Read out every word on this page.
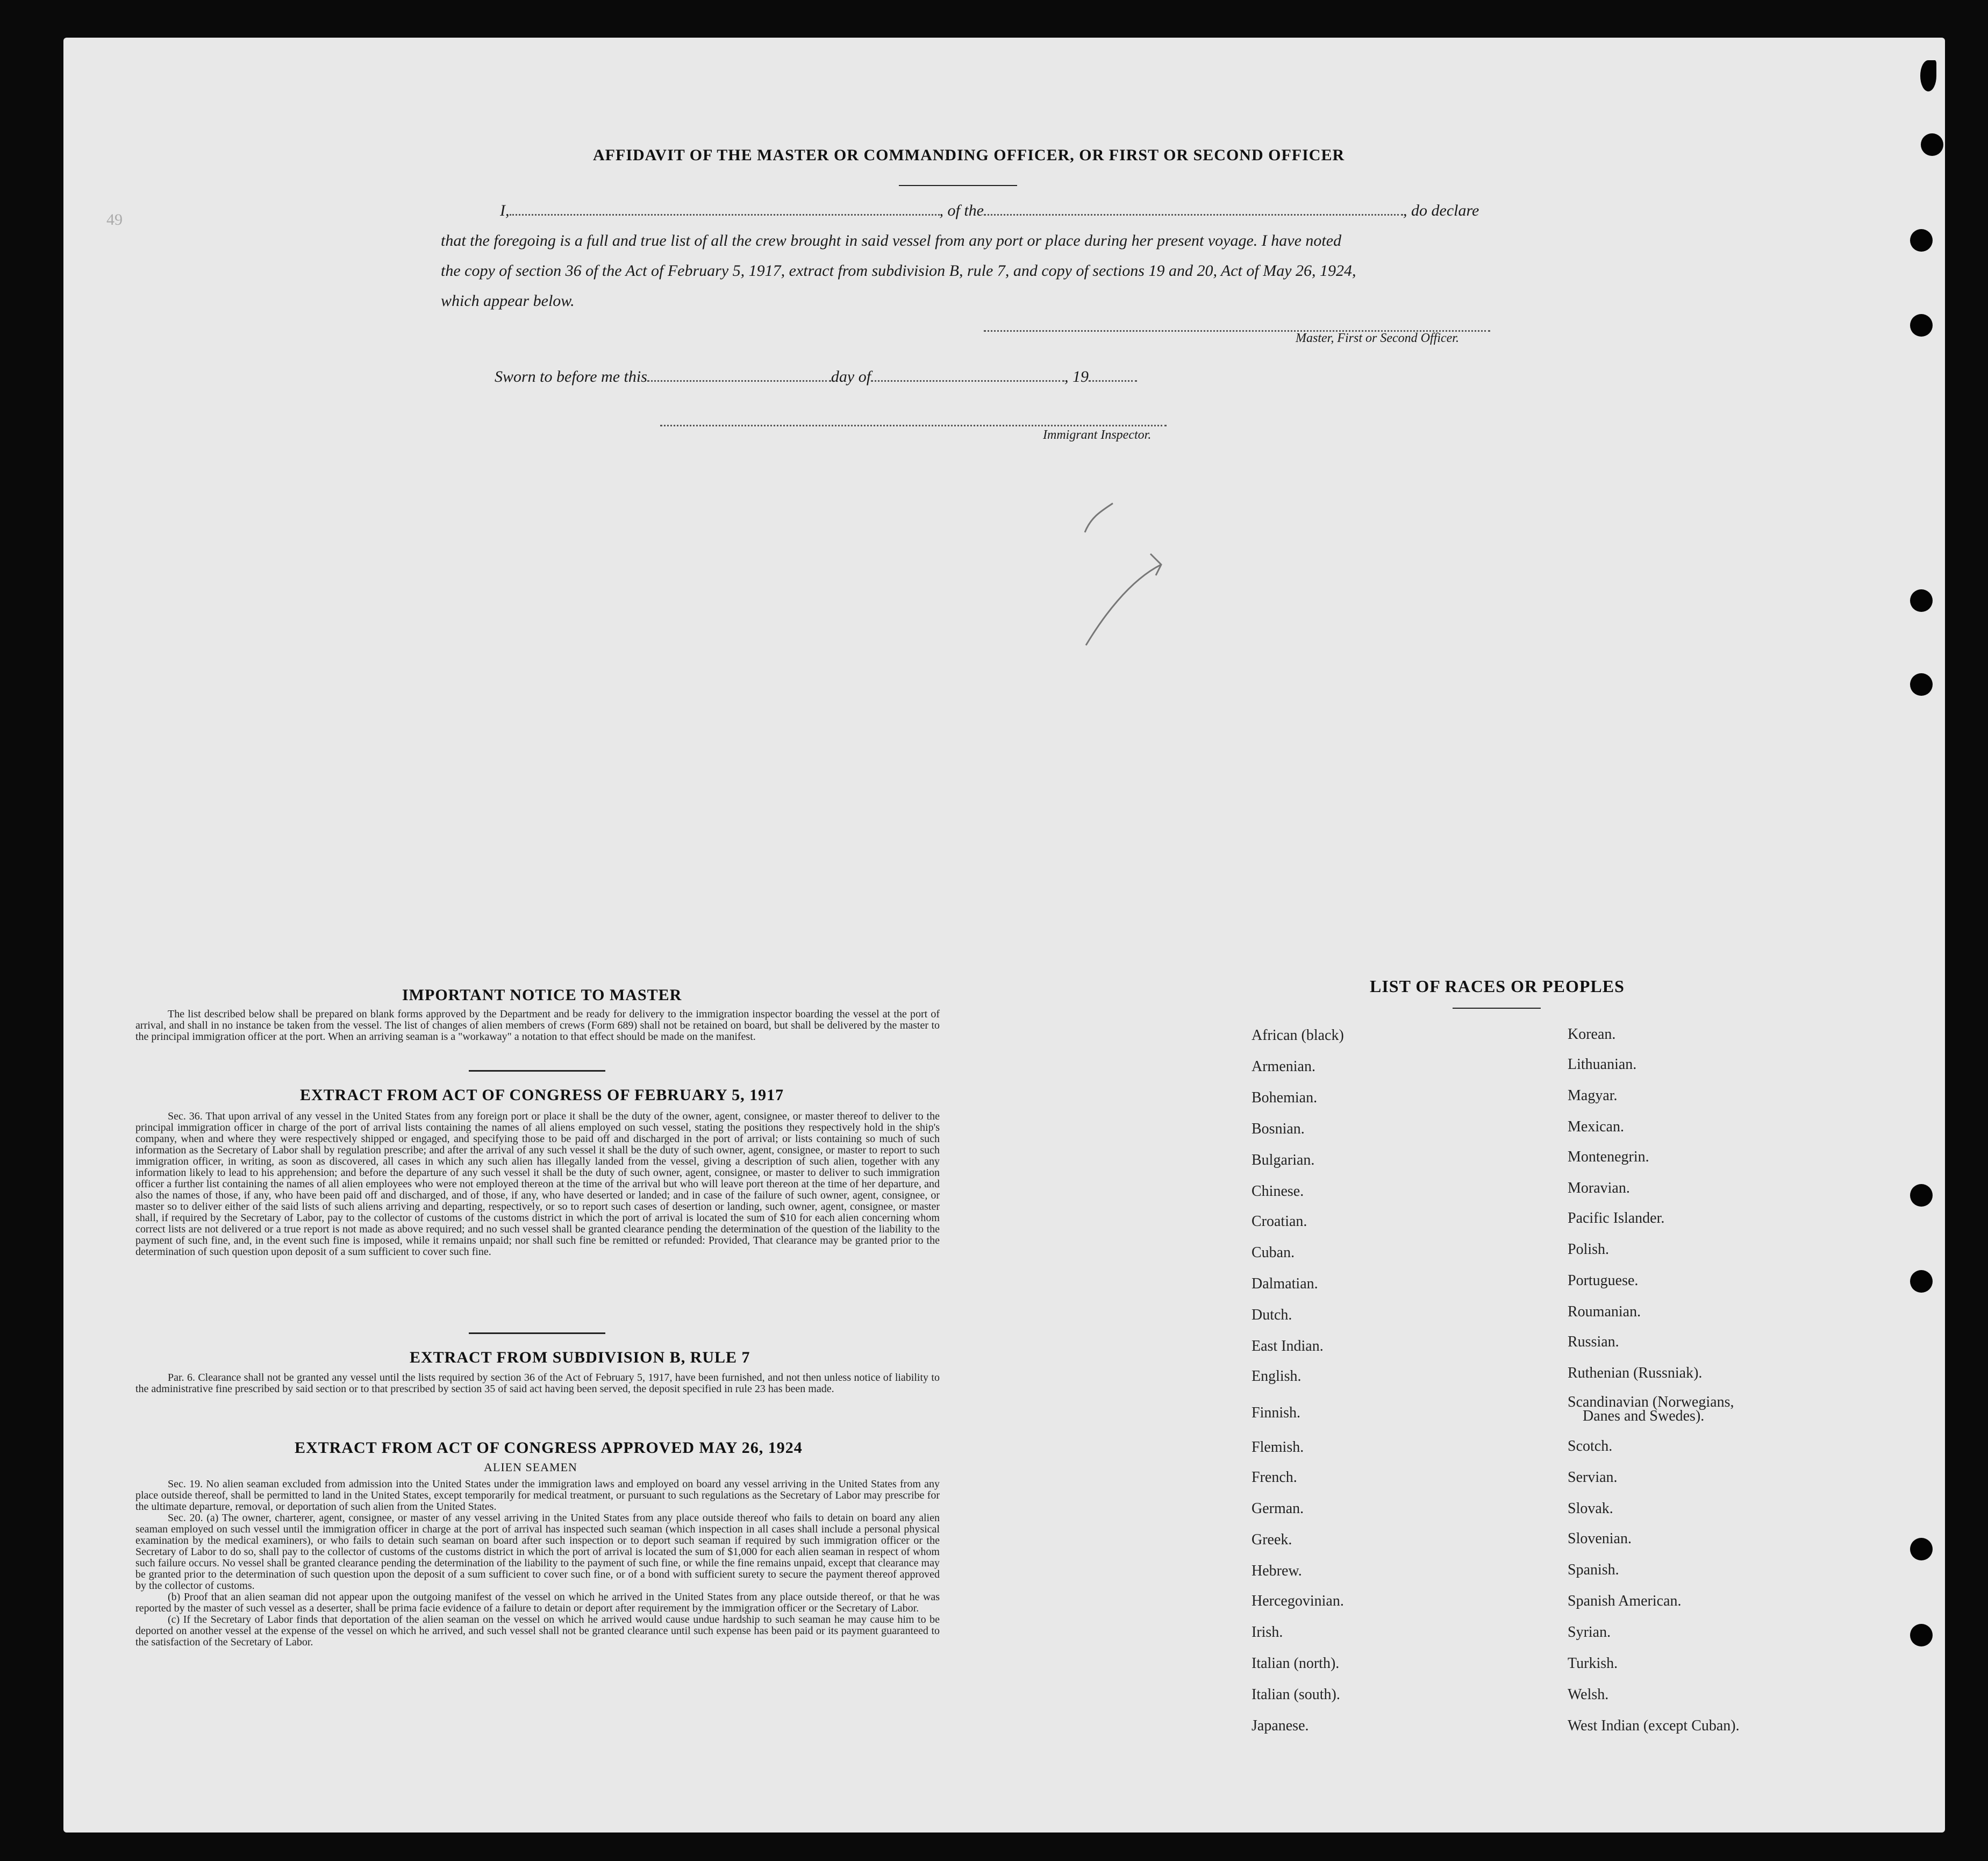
AFFIDAVIT OF THE MASTER OR COMMANDING OFFICER, OR FIRST OR SECOND OFFICER
49
I,	, of the	, do declare
that the foregoing is a full and true list of all the crew brought in said vessel from any port or place during her present voyage. I have noted
the copy of section 36 of the Act of February 5, 1917, extract from subdivision B, rule 7, and copy of sections 19 and 20, Act of May 26, 1924,
which appear below.
Master, First or Second Officer.
Sworn to before me this	day of	, 19
Immigrant Inspector.
IMPORTANT NOTICE TO MASTER
The list described below shall be prepared on blank forms approved by the Department and be ready for delivery to the immigration inspector boarding the vessel at the port of arrival, and shall in no instance be taken from the vessel. The list of changes of alien members of crews (Form 689) shall not be retained on board, but shall be delivered by the master to the principal immigration officer at the port. When an arriving seaman is a "workaway" a notation to that effect should be made on the manifest.
EXTRACT FROM ACT OF CONGRESS OF FEBRUARY 5, 1917
Sec. 36. That upon arrival of any vessel in the United States from any foreign port or place it shall be the duty of the owner, agent, consignee, or master thereof to deliver to the principal immigration officer in charge of the port of arrival lists containing the names of all aliens employed on such vessel, stating the positions they respectively hold in the ship's company, when and where they were respectively shipped or engaged, and specifying those to be paid off and discharged in the port of arrival; or lists containing so much of such information as the Secretary of Labor shall by regulation prescribe; and after the arrival of any such vessel it shall be the duty of such owner, agent, consignee, or master to report to such immigration officer, in writing, as soon as discovered, all cases in which any such alien has illegally landed from the vessel, giving a description of such alien, together with any information likely to lead to his apprehension; and before the departure of any such vessel it shall be the duty of such owner, agent, consignee, or master to deliver to such immigration officer a further list containing the names of all alien employees who were not employed thereon at the time of the arrival but who will leave port thereon at the time of her departure, and also the names of those, if any, who have been paid off and discharged, and of those, if any, who have deserted or landed; and in case of the failure of such owner, agent, consignee, or master so to deliver either of the said lists of such aliens arriving and departing, respectively, or so to report such cases of desertion or landing, such owner, agent, consignee, or master shall, if required by the Secretary of Labor, pay to the collector of customs of the customs district in which the port of arrival is located the sum of $10 for each alien concerning whom correct lists are not delivered or a true report is not made as above required; and no such vessel shall be granted clearance pending the determination of the question of the liability to the payment of such fine, and, in the event such fine is imposed, while it remains unpaid; nor shall such fine be remitted or refunded: Provided, That clearance may be granted prior to the determination of such question upon deposit of a sum sufficient to cover such fine.
EXTRACT FROM SUBDIVISION B, RULE 7
Par. 6. Clearance shall not be granted any vessel until the lists required by section 36 of the Act of February 5, 1917, have been furnished, and not then unless notice of liability to the administrative fine prescribed by said section or to that prescribed by section 35 of said act having been served, the deposit specified in rule 23 has been made.
EXTRACT FROM ACT OF CONGRESS APPROVED MAY 26, 1924
ALIEN SEAMEN
Sec. 19. No alien seaman excluded from admission into the United States under the immigration laws and employed on board any vessel arriving in the United States from any place outside thereof, shall be permitted to land in the United States, except temporarily for medical treatment, or pursuant to such regulations as the Secretary of Labor may prescribe for the ultimate departure, removal, or deportation of such alien from the United States.
Sec. 20. (a) The owner, charterer, agent, consignee, or master of any vessel arriving in the United States from any place outside thereof who fails to detain on board any alien seaman employed on such vessel until the immigration officer in charge at the port of arrival has inspected such seaman (which inspection in all cases shall include a personal physical examination by the medical examiners), or who fails to detain such seaman on board after such inspection or to deport such seaman if required by such immigration officer or the Secretary of Labor to do so, shall pay to the collector of customs of the customs district in which the port of arrival is located the sum of $1,000 for each alien seaman in respect of whom such failure occurs. No vessel shall be granted clearance pending the determination of the liability to the payment of such fine, or while the fine remains unpaid, except that clearance may be granted prior to the determination of such question upon the deposit of a sum sufficient to cover such fine, or of a bond with sufficient surety to secure the payment thereof approved by the collector of customs.
(b) Proof that an alien seaman did not appear upon the outgoing manifest of the vessel on which he arrived in the United States from any place outside thereof, or that he was reported by the master of such vessel as a deserter, shall be prima facie evidence of a failure to detain or deport after requirement by the immigration officer or the Secretary of Labor.
(c) If the Secretary of Labor finds that deportation of the alien seaman on the vessel on which he arrived would cause undue hardship to such seaman he may cause him to be deported on another vessel at the expense of the vessel on which he arrived, and such vessel shall not be granted clearance until such expense has been paid or its payment guaranteed to the satisfaction of the Secretary of Labor.
LIST OF RACES OR PEOPLES
African (black)
Armenian.
Bohemian.
Bosnian.
Bulgarian.
Chinese.
Croatian.
Cuban.
Dalmatian.
Dutch.
East Indian.
English.
Finnish.
Flemish.
French.
German.
Greek.
Hebrew.
Hercegovinian.
Irish.
Italian (north).
Italian (south).
Japanese.
Korean.
Lithuanian.
Magyar.
Mexican.
Montenegrin.
Moravian.
Pacific Islander.
Polish.
Portuguese.
Roumanian.
Russian.
Ruthenian (Russniak).
Scandinavian (Norwegians,
Danes and Swedes).
Scotch.
Servian.
Slovak.
Slovenian.
Spanish.
Spanish American.
Syrian.
Turkish.
Welsh.
West Indian (except Cuban).
